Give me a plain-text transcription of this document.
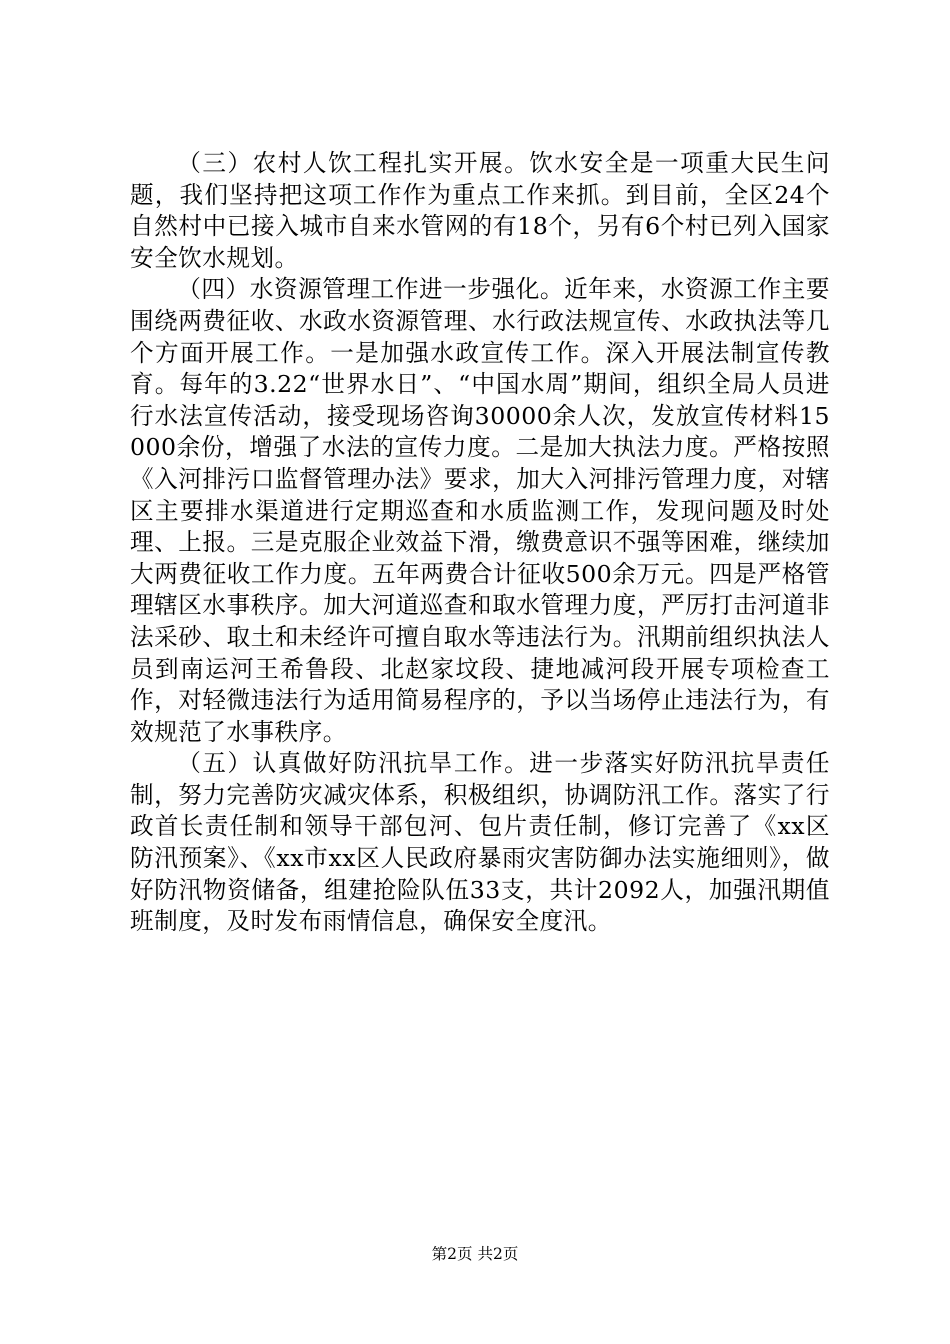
（三）农村人饮工程扎实开展。饮水安全是一项重大民生问题，我们坚持把这项工作作为重点工作来抓。到目前，全区24个自然村中已接入城市自来水管网的有18个，另有6个村已列入国家安全饮水规划。

（四）水资源管理工作进一步强化。近年来，水资源工作主要围绕两费征收、水政水资源管理、水行政法规宣传、水政执法等几个方面开展工作。一是加强水政宣传工作。深入开展法制宣传教育。每年的3.22“世界水日”、“中国水周”期间，组织全局人员进行水法宣传活动，接受现场咨询30000余人次，发放宣传材料15000余份，增强了水法的宣传力度。二是加大执法力度。严格按照《入河排污口监督管理办法》要求，加大入河排污管理力度，对辖区主要排水渠道进行定期巡查和水质监测工作，发现问题及时处理、上报。三是克服企业效益下滑，缴费意识不强等困难，继续加大两费征收工作力度。五年两费合计征收500余万元。四是严格管理辖区水事秩序。加大河道巡查和取水管理力度，严厉打击河道非法采砂、取土和未经许可擅自取水等违法行为。汛期前组织执法人员到南运河王希鲁段、北赵家坟段、捷地减河段开展专项检查工作，对轻微违法行为适用简易程序的，予以当场停止违法行为，有效规范了水事秩序。

（五）认真做好防汛抗旱工作。进一步落实好防汛抗旱责任制，努力完善防灾减灾体系，积极组织，协调防汛工作。落实了行政首长责任制和领导干部包河、包片责任制，修订完善了《xx区防汛预案》、《xx市xx区人民政府暴雨灾害防御办法实施细则》，做好防汛物资储备，组建抢险队伍33支，共计2092人，加强汛期值班制度，及时发布雨情信息，确保安全度汛。

第2页 共2页
